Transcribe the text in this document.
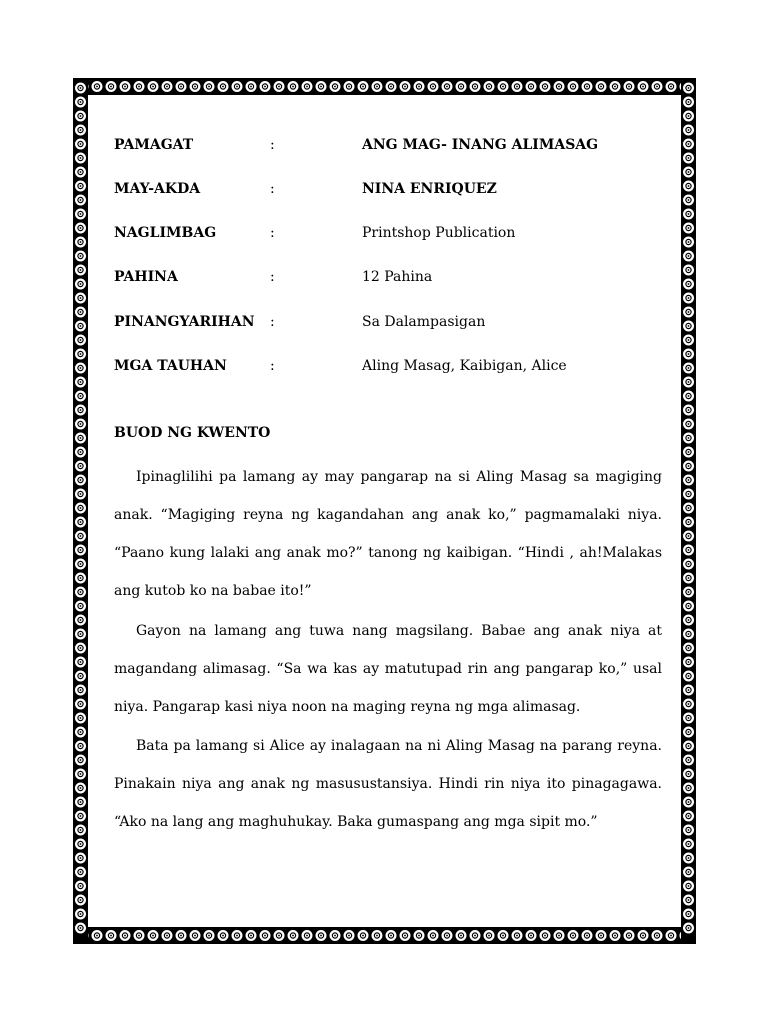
PAMAGAT	:	ANG MAG- INANG ALIMASAG
MAY-AKDA	:	NINA ENRIQUEZ
NAGLIMBAG	:	Printshop Publication
PAHINA	:	12 Pahina
PINANGYARIHAN :	Sa Dalampasigan
MGA TAUHAN	:	Aling Masag, Kaibigan, Alice
BUOD NG KWENTO

Ipinaglilihi pa lamang ay may pangarap na si Aling Masag sa magiging anak. “Magiging reyna ng kagandahan ang anak ko,” pagmamalaki niya. “Paano kung lalaki ang anak mo?” tanong ng kaibigan. “Hindi , ah!Malakas ang kutob ko na babae ito!”

Gayon na lamang ang tuwa nang magsilang. Babae ang anak niya at magandang alimasag. “Sa wa kas ay matutupad rin ang pangarap ko,” usal niya. Pangarap kasi niya noon na maging reyna ng mga alimasag.

Bata pa lamang si Alice ay inalagaan na ni Aling Masag na parang reyna. Pinakain niya ang anak ng masusustansiya. Hindi rin niya ito pinagagawa. “Ako na lang ang maghuhukay. Baka gumaspang ang mga sipit mo.”
